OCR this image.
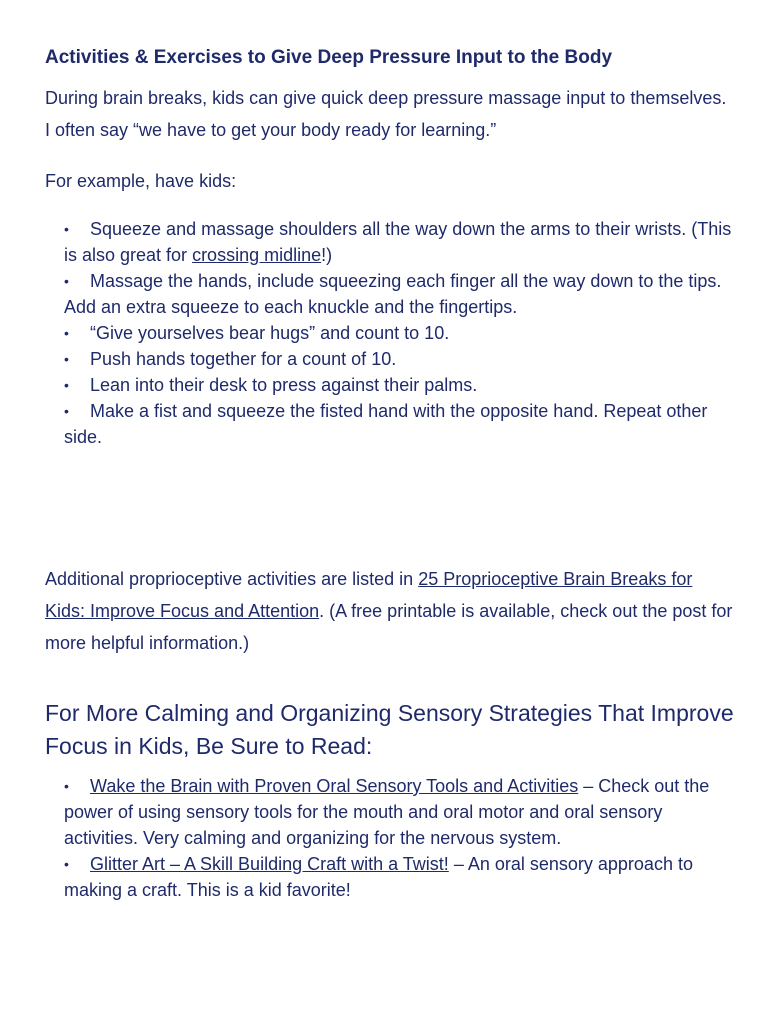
Activities & Exercises to Give Deep Pressure Input to the Body

During brain breaks, kids can give quick deep pressure massage input to themselves. I often say “we have to get your body ready for learning.”

For example, have kids:

• Squeeze and massage shoulders all the way down the arms to their wrists. (This is also great for crossing midline!)
• Massage the hands, include squeezing each finger all the way down to the tips. Add an extra squeeze to each knuckle and the fingertips.
• “Give yourselves bear hugs” and count to 10.
• Push hands together for a count of 10.
• Lean into their desk to press against their palms.
• Make a fist and squeeze the fisted hand with the opposite hand. Repeat other side.

Additional proprioceptive activities are listed in 25 Proprioceptive Brain Breaks for Kids: Improve Focus and Attention. (A free printable is available, check out the post for more helpful information.)

For More Calming and Organizing Sensory Strategies That Improve Focus in Kids, Be Sure to Read:
• Wake the Brain with Proven Oral Sensory Tools and Activities – Check out the power of using sensory tools for the mouth and oral motor and oral sensory activities. Very calming and organizing for the nervous system.
• Glitter Art – A Skill Building Craft with a Twist! – An oral sensory approach to making a craft. This is a kid favorite!
